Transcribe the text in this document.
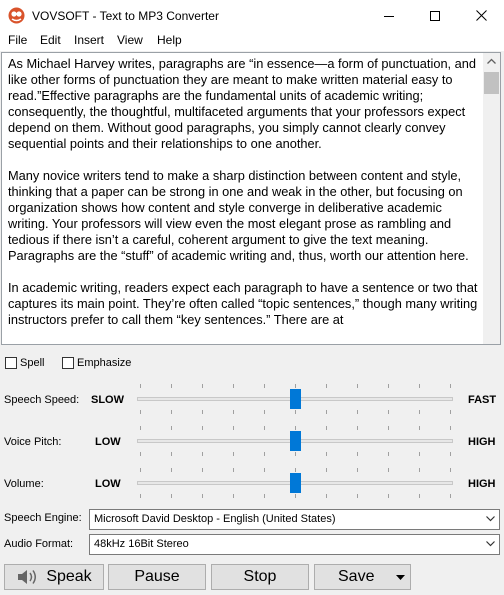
VOVSOFT - Text to MP3 Converter
File Edit Insert View Help

As Michael Harvey writes, paragraphs are “in essence—a form of punctuation, and like other forms of punctuation they are meant to make written material easy to read.”Effective paragraphs are the fundamental units of academic writing; consequently, the thoughtful, multifaceted arguments that your professors expect depend on them. Without good paragraphs, you simply cannot clearly convey sequential points and their relationships to one another.

Many novice writers tend to make a sharp distinction between content and style, thinking that a paper can be strong in one and weak in the other, but focusing on organization shows how content and style converge in deliberative academic writing. Your professors will view even the most elegant prose as rambling and tedious if there isn’t a careful, coherent argument to give the text meaning. Paragraphs are the “stuff” of academic writing and, thus, worth our attention here.

In academic writing, readers expect each paragraph to have a sentence or two that captures its main point. They’re often called “topic sentences,” though many writing instructors prefer to call them “key sentences.” There are at

Spell	Emphasize
Speech Speed: SLOW	FAST
Voice Pitch:	LOW	HIGH
Volume:	LOW	HIGH
Speech Engine: Microsoft David Desktop - English (United States)
Audio Format: 48kHz 16Bit Stereo
Speak	Pause	Stop	Save
